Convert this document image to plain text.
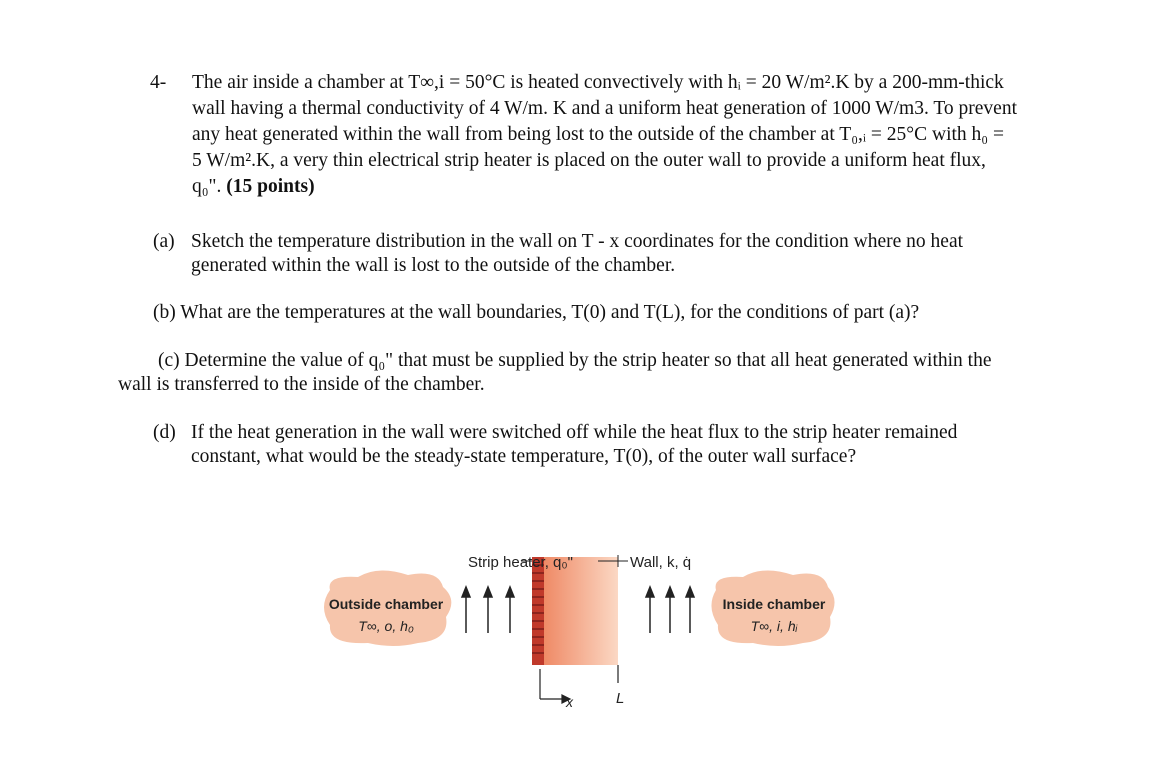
4- The air inside a chamber at T∞,i = 50°C is heated convectively with hᵢ = 20 W/m².K by a 200-mm-thick
wall having a thermal conductivity of 4 W/m. K and a uniform heat generation of 1000 W/m3. To prevent
any heat generated within the wall from being lost to the outside of the chamber at T₀,ᵢ = 25°C with h₀ =
5 W/m².K, a very thin electrical strip heater is placed on the outer wall to provide a uniform heat flux,
q₀". (15 points)
(a) Sketch the temperature distribution in the wall on T - x coordinates for the condition where no heat
generated within the wall is lost to the outside of the chamber.
(b) What are the temperatures at the wall boundaries, T(0) and T(L), for the conditions of part (a)?
(c) Determine the value of q₀" that must be supplied by the strip heater so that all heat generated within the
wall is transferred to the inside of the chamber.
(d) If the heat generation in the wall were switched off while the heat flux to the strip heater remained
constant, what would be the steady-state temperature, T(0), of the outer wall surface?
Outside chamber
T∞, o, h₀
Strip heater, q₀"	Wall, k, q̇
Inside chamber
T∞, i, hᵢ
x	L
